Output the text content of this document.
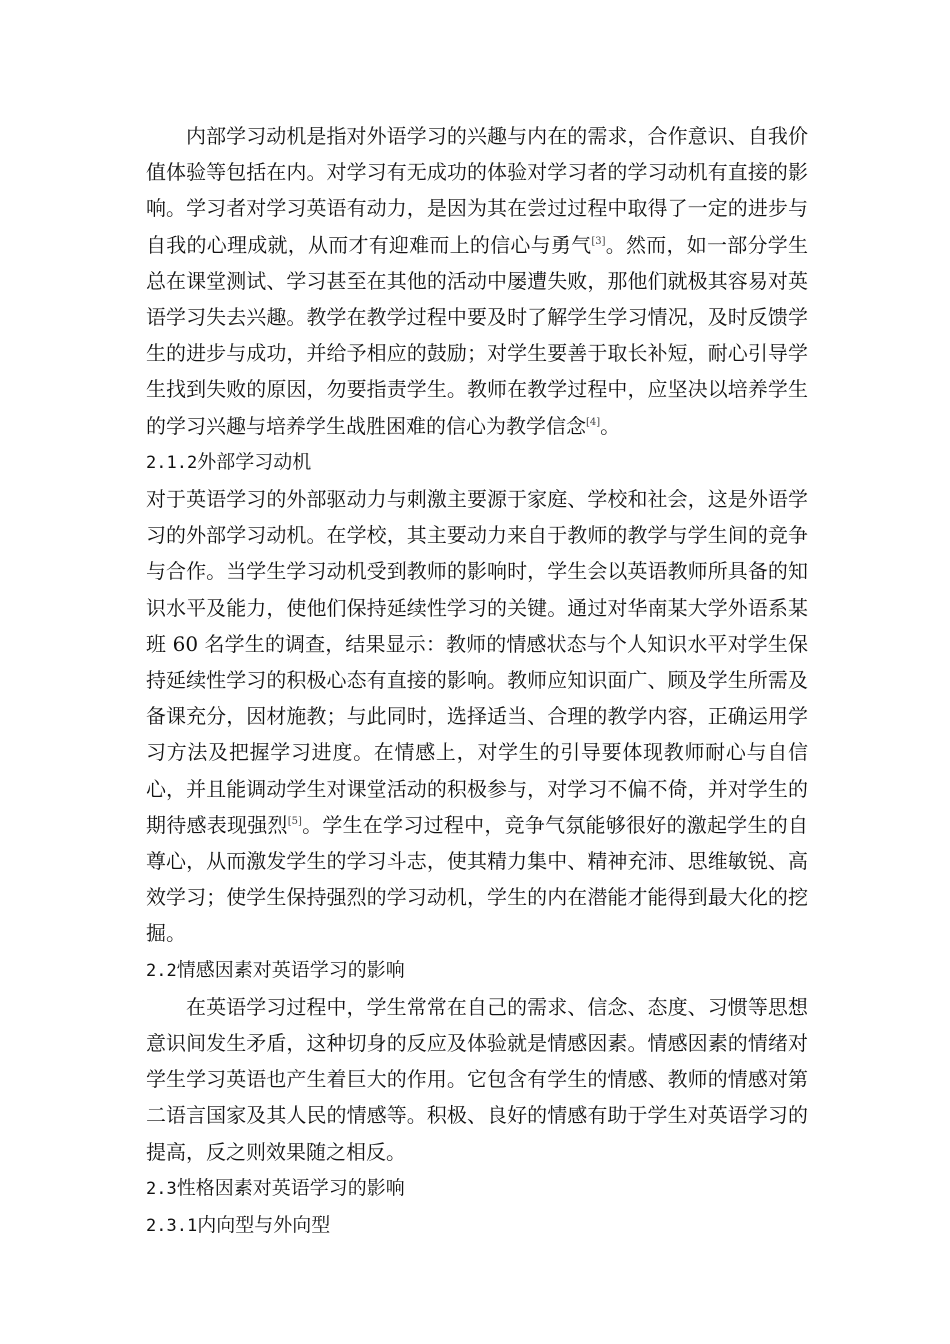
内部学习动机是指对外语学习的兴趣与内在的需求，合作意识、自我价值体验等包括在内。对学习有无成功的体验对学习者的学习动机有直接的影响。学习者对学习英语有动力，是因为其在尝过过程中取得了一定的进步与自我的心理成就，从而才有迎难而上的信心与勇气[3]。然而，如一部分学生总在课堂测试、学习甚至在其他的活动中屡遭失败，那他们就极其容易对英语学习失去兴趣。教学在教学过程中要及时了解学生学习情况，及时反馈学生的进步与成功，并给予相应的鼓励；对学生要善于取长补短，耐心引导学生找到失败的原因，勿要指责学生。教师在教学过程中，应坚决以培养学生的学习兴趣与培养学生战胜困难的信心为教学信念[4]。

2.1.2外部学习动机

对于英语学习的外部驱动力与刺激主要源于家庭、学校和社会，这是外语学习的外部学习动机。在学校，其主要动力来自于教师的教学与学生间的竞争与合作。当学生学习动机受到教师的影响时，学生会以英语教师所具备的知识水平及能力，使他们保持延续性学习的关键。通过对华南某大学外语系某班 60 名学生的调查，结果显示：教师的情感状态与个人知识水平对学生保持延续性学习的积极心态有直接的影响。教师应知识面广、顾及学生所需及备课充分，因材施教；与此同时，选择适当、合理的教学内容，正确运用学习方法及把握学习进度。在情感上，对学生的引导要体现教师耐心与自信心，并且能调动学生对课堂活动的积极参与，对学习不偏不倚，并对学生的期待感表现强烈[5]。学生在学习过程中，竞争气氛能够很好的激起学生的自尊心，从而激发学生的学习斗志，使其精力集中、精神充沛、思维敏锐、高效学习；使学生保持强烈的学习动机，学生的内在潜能才能得到最大化的挖掘。

2.2情感因素对英语学习的影响

在英语学习过程中，学生常常在自己的需求、信念、态度、习惯等思想意识间发生矛盾，这种切身的反应及体验就是情感因素。情感因素的情绪对学生学习英语也产生着巨大的作用。它包含有学生的情感、教师的情感对第二语言国家及其人民的情感等。积极、良好的情感有助于学生对英语学习的提高，反之则效果随之相反。

2.3性格因素对英语学习的影响

2.3.1内向型与外向型
